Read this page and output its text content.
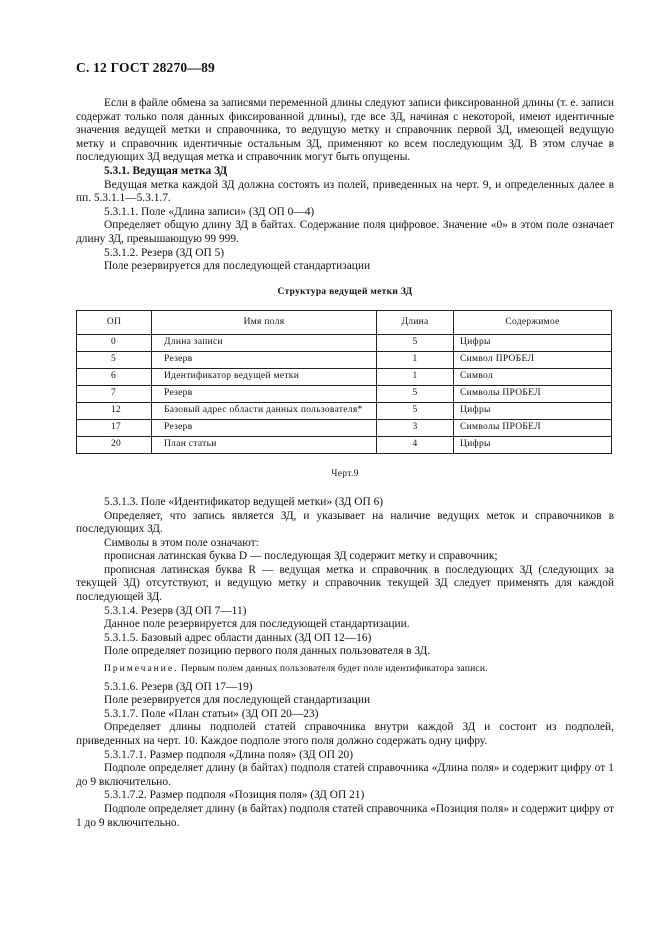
С. 12 ГОСТ 28270—89

Если в файле обмена за записями переменной длины следуют записи фиксированной длины (т. е. записи содержат только поля данных фиксированной длины), где все ЗД, начиная с некоторой, имеют идентичные значения ведущей метки и справочника, то ведущую метку и справочник первой ЗД, имеющей ведущую метку и справочник идентичные остальным ЗД, применяют ко всем последующим ЗД. В этом случае в последующих ЗД ведущая метка и справочник могут быть опущены.

5.3.1. Ведущая метка ЗД

Ведущая метка каждой ЗД должна состоять из полей, приведенных на черт. 9, и определенных далее в пп. 5.3.1.1—5.3.1.7.

5.3.1.1. Поле «Длина записи» (ЗД ОП 0—4)

Определяет общую длину ЗД в байтах. Содержание поля цифровое. Значение «0» в этом поле означает длину ЗД, превышающую 99 999.

5.3.1.2. Резерв (ЗД ОП 5)

Поле резервируется для последующей стандартизации

Структура ведущей метки ЗД
ОП	Имя поля	Длина	Содержимое
0	Длина записи	5	Цифры
5	Резерв	1	Символ ПРОБЕЛ
6	Идентификатор ведущей метки	1	Символ
7	Резерв	5	Символы ПРОБЕЛ
12	Базовый адрес области данных пользователя*	5	Цифры
17	Резерв	3	Символы ПРОБЕЛ
20	План статьи	4	Цифры
Черт.9

5.3.1.3. Поле «Идентификатор ведущей метки» (ЗД ОП 6)

Определяет, что запись является ЗД, и указывает на наличие ведущих меток и справочников в последующих ЗД.

Символы в этом поле означают:

прописная латинская буква D — последующая ЗД содержит метку и справочник;

прописная латинская буква R — ведущая метка и справочник в последующих ЗД (следующих за текущей ЗД) отсутствуют, и ведущую метку и справочник текущей ЗД следует применять для каждой последующей ЗД.

5.3.1.4. Резерв (ЗД ОП 7—11)

Данное поле резервируется для последующей стандартизации.

5.3.1.5. Базовый адрес области данных (ЗД ОП 12—16)

Поле определяет позицию первого поля данных пользователя в ЗД.

Примечание. Первым полем данных пользователя будет поле идентификатора записи.

5.3.1.6. Резерв (ЗД ОП 17—19)

Поле резервируется для последующей стандартизации

5.3.1.7. Поле «План статьи» (ЗД ОП 20—23)

Определяет длины подполей статей справочника внутри каждой ЗД и состоит из подполей, приведенных на черт. 10. Каждое подполе этого поля должно содержать одну цифру.

5.3.1.7.1. Размер подполя «Длина поля» (ЗД ОП 20)

Подполе определяет длину (в байтах) подполя статей справочника «Длина поля» и содержит цифру от 1 до 9 включительно.

5.3.1.7.2. Размер подполя «Позиция поля» (ЗД ОП 21)

Подполе определяет длину (в байтах) подполя статей справочника «Позиция поля» и содержит цифру от 1 до 9 включительно.
